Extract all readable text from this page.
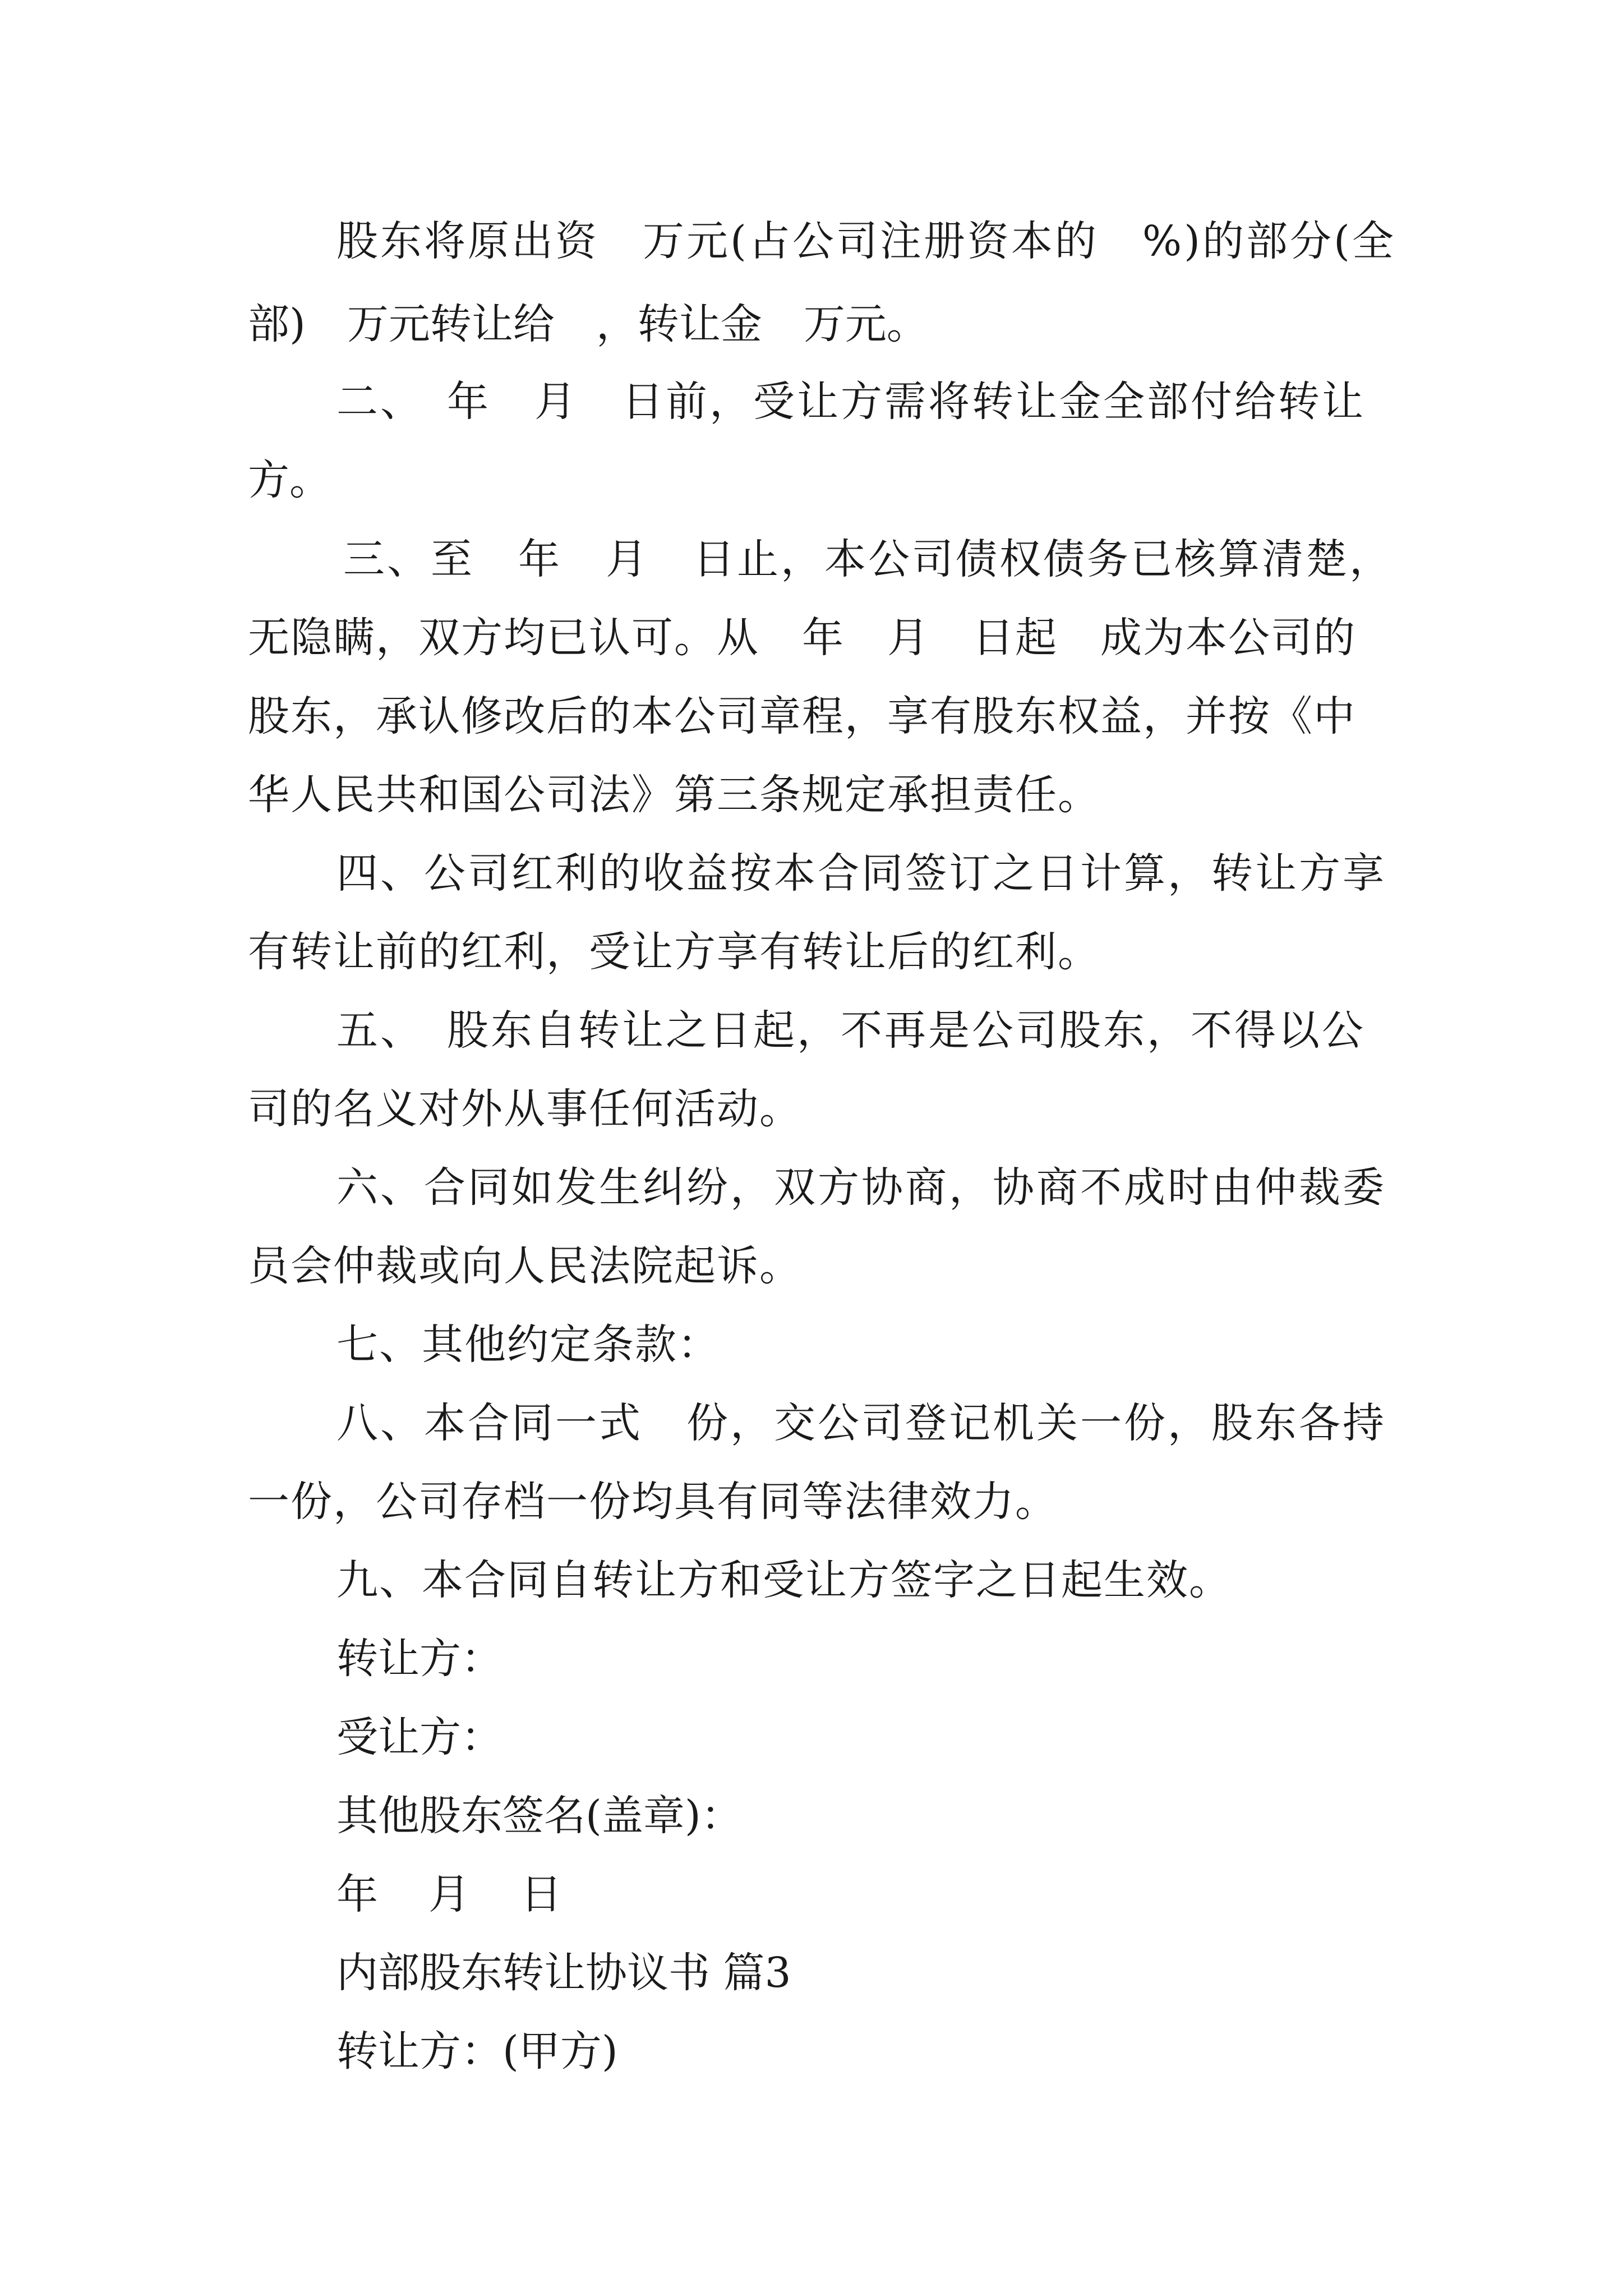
股东将原出资　万元(占公司注册资本的　%)的部分(全

部)　万元转让给　，转让金　万元。

二、　年　月　日前，受让方需将转让金全部付给转让

方。

三、至　年　月　日止，本公司债权债务已核算清楚，

无隐瞒，双方均已认可。从　年　月　日起　成为本公司的

股东，承认修改后的本公司章程，享有股东权益，并按《中

华人民共和国公司法》第三条规定承担责任。

四、公司红利的收益按本合同签订之日计算，转让方享

有转让前的红利，受让方享有转让后的红利。

五、　股东自转让之日起，不再是公司股东，不得以公

司的名义对外从事任何活动。

六、合同如发生纠纷，双方协商，协商不成时由仲裁委

员会仲裁或向人民法院起诉。

七、其他约定条款：

八、本合同一式　份，交公司登记机关一份，股东各持

一份，公司存档一份均具有同等法律效力。

九、本合同自转让方和受让方签字之日起生效。

转让方：

受让方：

其他股东签名(盖章)：

年　月　日

内部股东转让协议书 篇3

转让方：(甲方)
